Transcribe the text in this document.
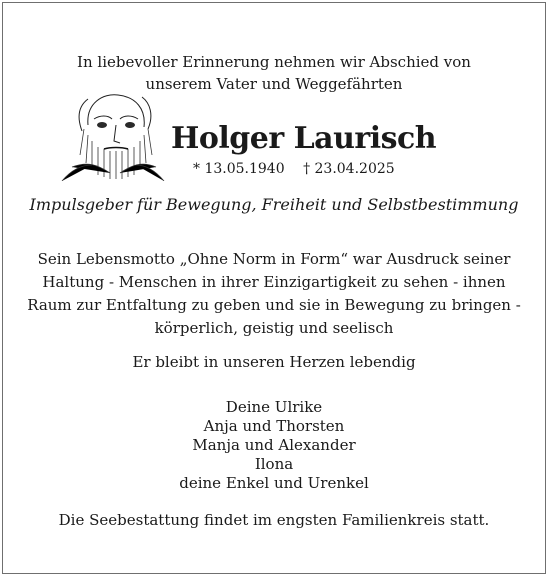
In liebevoller Erinnerung nehmen wir Abschied von

unserem Vater und Weggefährten

Holger Laurisch
* 13.05.1940 † 23.04.2025
Impulsgeber für Bewegung, Freiheit und Selbstbestimmung

Sein Lebensmotto „Ohne Norm in Form“ war Ausdruck seiner

Haltung - Menschen in ihrer Einzigartigkeit zu sehen - ihnen

Raum zur Entfaltung zu geben und sie in Bewegung zu bringen -

körperlich, geistig und seelisch

Er bleibt in unseren Herzen lebendig

Deine Ulrike

Anja und Thorsten

Manja und Alexander

Ilona

deine Enkel und Urenkel

Die Seebestattung findet im engsten Familienkreis statt.
